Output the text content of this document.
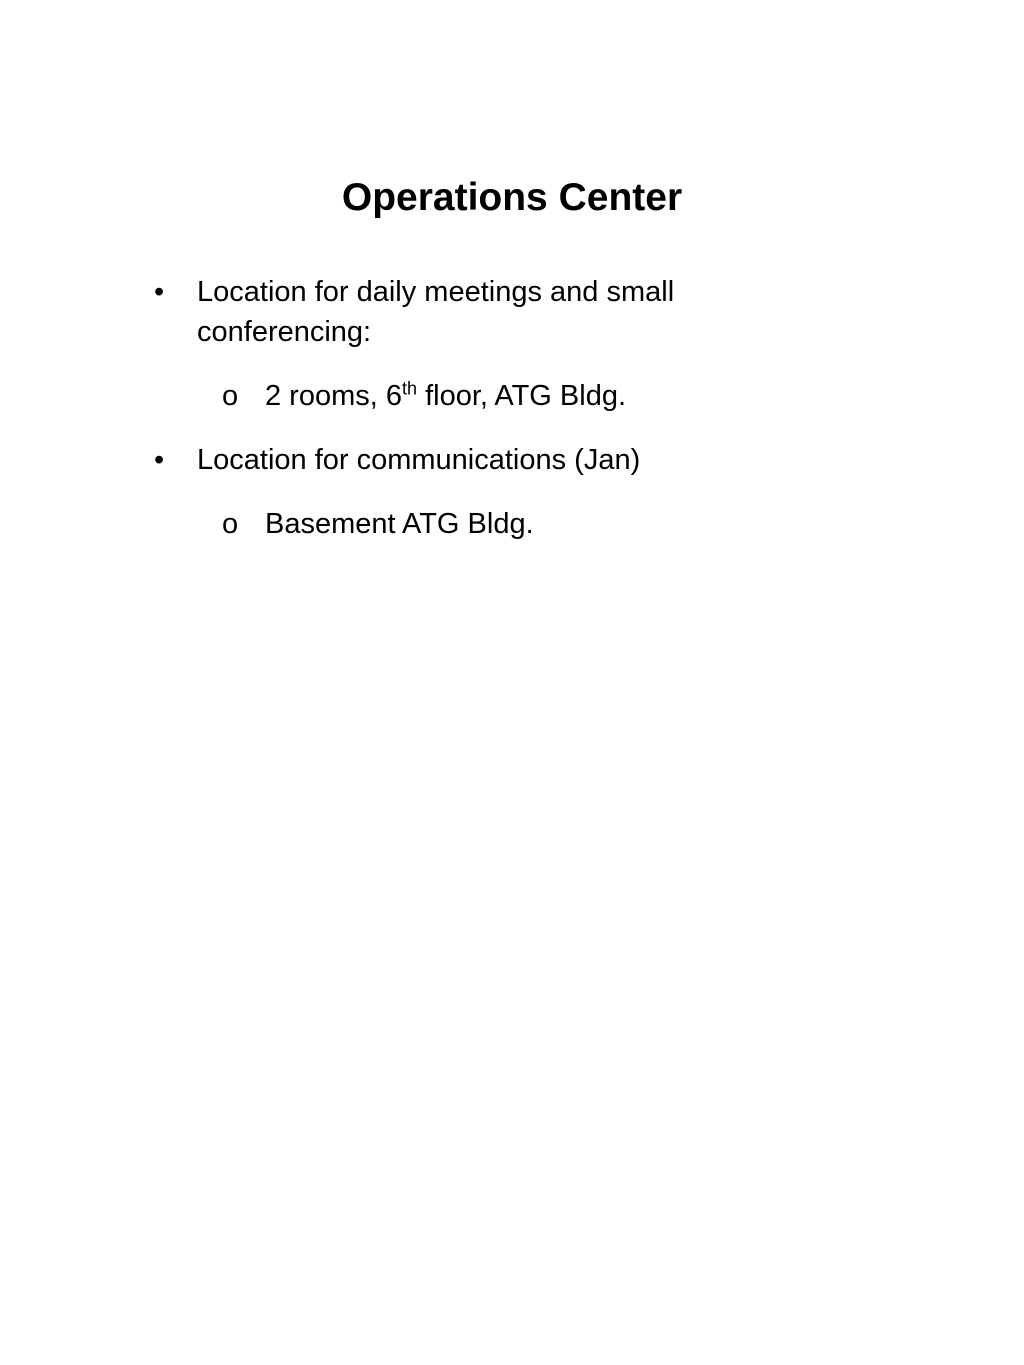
Operations Center
•	Location for daily meetings and small conferencing:
o 2 rooms, 6th floor, ATG Bldg.
•	Location for communications (Jan)
o Basement ATG Bldg.
